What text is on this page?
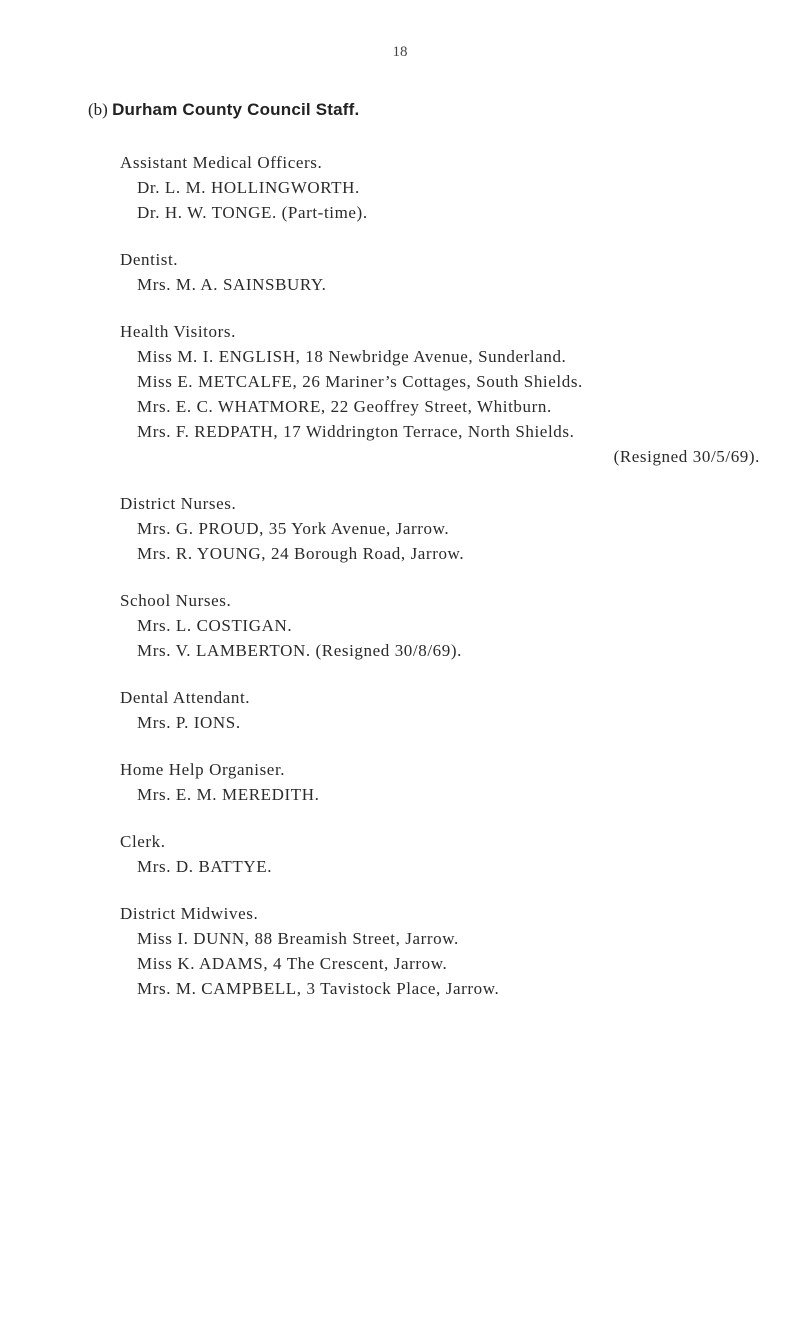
18
(b) Durham County Council Staff.
Assistant Medical Officers.
Dr. L. M. HOLLINGWORTH.
Dr. H. W. TONGE. (Part-time).
Dentist.
Mrs. M. A. SAINSBURY.
Health Visitors.
Miss M. I. ENGLISH, 18 Newbridge Avenue, Sunderland.
Miss E. METCALFE, 26 Mariner’s Cottages, South Shields.
Mrs. E. C. WHATMORE, 22 Geoffrey Street, Whitburn.
Mrs. F. REDPATH, 17 Widdrington Terrace, North Shields.
(Resigned 30/5/69).
District Nurses.
Mrs. G. PROUD, 35 York Avenue, Jarrow.
Mrs. R. YOUNG, 24 Borough Road, Jarrow.
School Nurses.
Mrs. L. COSTIGAN.
Mrs. V. LAMBERTON. (Resigned 30/8/69).
Dental Attendant.
Mrs. P. IONS.
Home Help Organiser.
Mrs. E. M. MEREDITH.
Clerk.
Mrs. D. BATTYE.
District Midwives.
Miss I. DUNN, 88 Breamish Street, Jarrow.
Miss K. ADAMS, 4 The Crescent, Jarrow.
Mrs. M. CAMPBELL, 3 Tavistock Place, Jarrow.
